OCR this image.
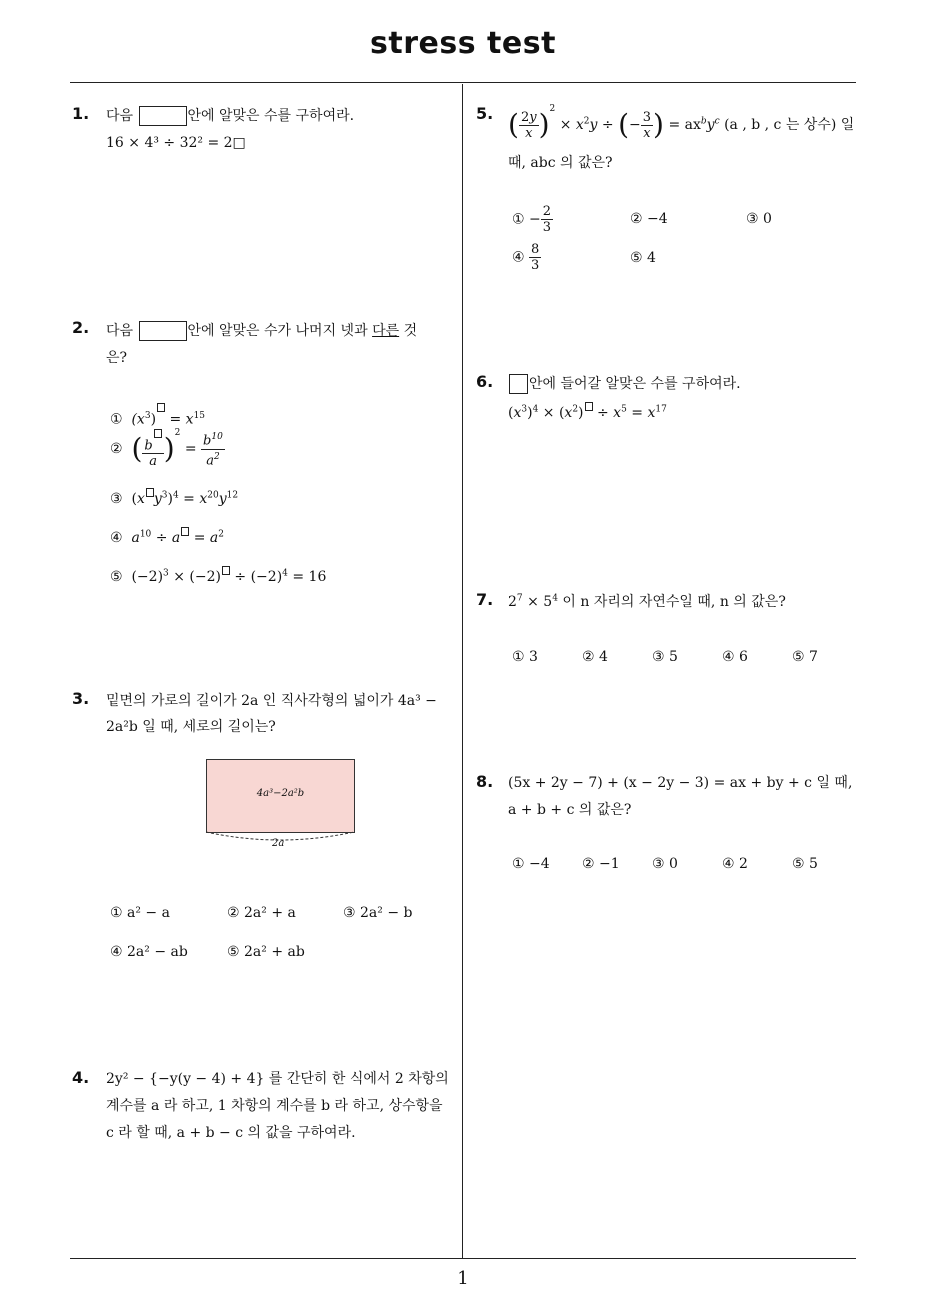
stress test
1
1. 다음	안에 알맞은 수를 구하여라.
16 × 4³ ÷ 32² = 2□
2. 다음	안에 알맞은 수가 나머지 넷과 다른 것
은?
① $(x^3) = x^{15}$
② ( $\frac{b}{a} )^2 = \frac{b^{10}}{a^2}$
③  (x $y^3)^4 = x^{20}y^{12}$
④ $a^{10} \div a = a^2$
⑤  $(-2)^3 \times (-2) \div (-2)^4 = 16$
3. 밑면의 가로의 길이가 2a 인 직사각형의 넓이가 4a³ −
2a²b 일 때, 세로의 길이는?
4a³−2a²b
2a
① a² − a	② 2a² + a	③ 2a² − b
④ 2a² − ab	⑤ 2a² + ab
4. 2y² − {−y(y − 4) + 4} 를 간단히 한 식에서 2 차항의
계수를 a 라 하고, 1 차항의 계수를 b 라 하고, 상수항을
c 라 할 때, a + b − c 의 값을 구하여라.
5. ( $\frac{2y}{x} )^2 \times x^2y$ ÷ (− $\frac{3}{x}$ ) = $ax^by^c$ (a , b , c 는 상수) 일
때, abc 의 값은?
① − $\frac{2}{3}$	② −4	③ 0
④ $\frac{8}{3}$	⑤ 4
6.	안에 들어갈 알맞은 수를 구하여라.
$(x^3)^4 \times (x^2) \div x^5 = x^{17}$
7. $2^7 \times 5^4$ 이 n 자리의 자연수일 때, n 의 값은?
① 3	② 4	③ 5	④ 6	⑤ 7
8. (5x + 2y − 7) + (x − 2y − 3) = ax + by + c 일 때,
a + b + c 의 값은?
① −4 ② −1 ③ 0	④ 2	⑤ 5
